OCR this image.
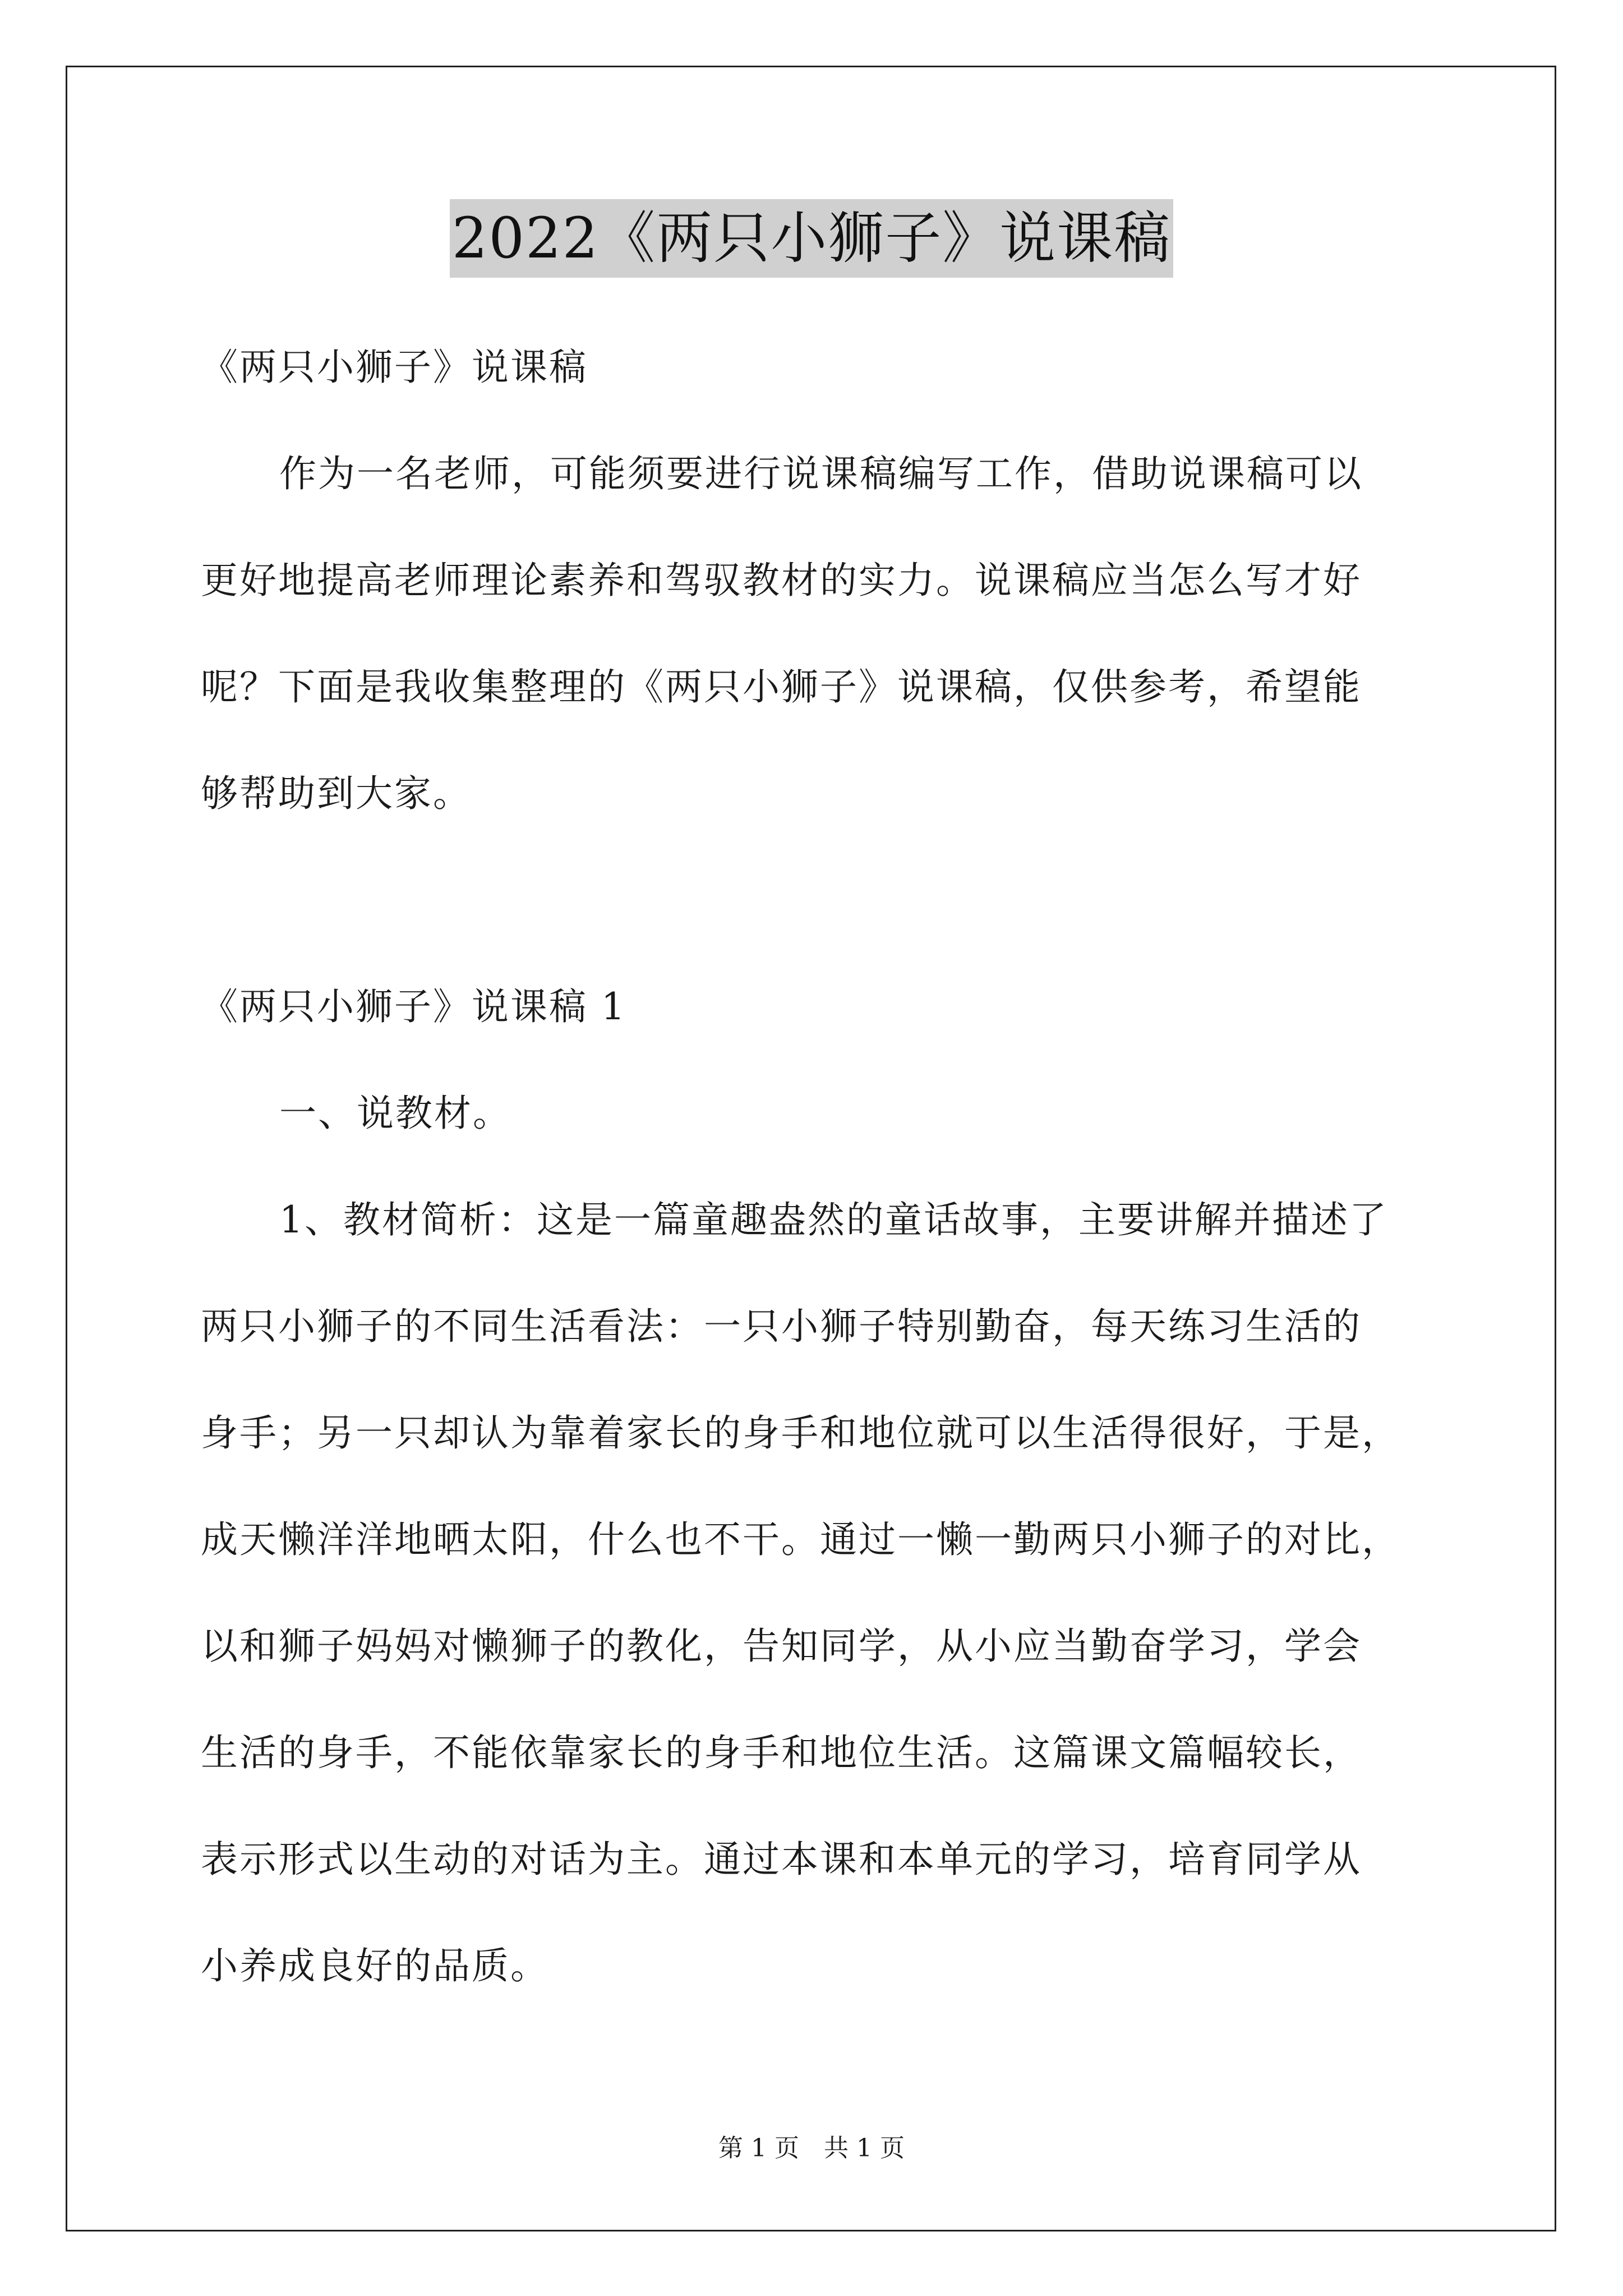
2022《两只小狮子》说课稿
《两只小狮子》说课稿
作为一名老师，可能须要进行说课稿编写工作，借助说课稿可以
更好地提高老师理论素养和驾驭教材的实力。说课稿应当怎么写才好
呢？下面是我收集整理的《两只小狮子》说课稿，仅供参考，希望能
够帮助到大家。
《两只小狮子》说课稿 1
一、说教材。
1、教材简析：这是一篇童趣盎然的童话故事，主要讲解并描述了
两只小狮子的不同生活看法：一只小狮子特别勤奋，每天练习生活的
身手；另一只却认为靠着家长的身手和地位就可以生活得很好，于是，
成天懒洋洋地晒太阳，什么也不干。通过一懒一勤两只小狮子的对比，
以和狮子妈妈对懒狮子的教化，告知同学，从小应当勤奋学习，学会
生活的身手，不能依靠家长的身手和地位生活。这篇课文篇幅较长，
表示形式以生动的对话为主。通过本课和本单元的学习，培育同学从
小养成良好的品质。
第 1 页　共 1 页
